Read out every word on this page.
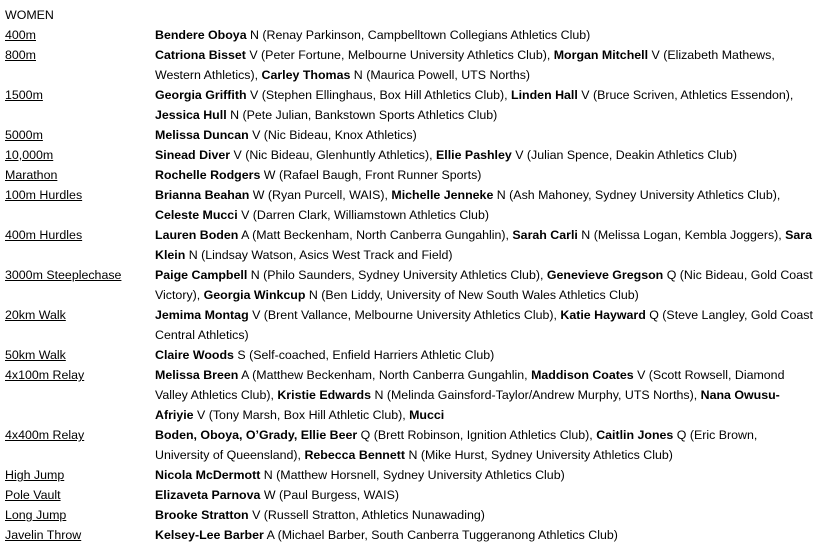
WOMEN
400m	Bendere Oboya N (Renay Parkinson, Campbelltown Collegians Athletics Club)
800m	Catriona Bisset V (Peter Fortune, Melbourne University Athletics Club), Morgan Mitchell V (Elizabeth Mathews, Western Athletics), Carley Thomas N (Maurica Powell, UTS Norths)
1500m	Georgia Griffith V (Stephen Ellinghaus, Box Hill Athletics Club), Linden Hall V (Bruce Scriven, Athletics Essendon), Jessica Hull N (Pete Julian, Bankstown Sports Athletics Club)
5000m	Melissa Duncan V (Nic Bideau, Knox Athletics)
10,000m	Sinead Diver V (Nic Bideau, Glenhuntly Athletics), Ellie Pashley V (Julian Spence, Deakin Athletics Club)
Marathon	Rochelle Rodgers W (Rafael Baugh, Front Runner Sports)
100m Hurdles	Brianna Beahan W (Ryan Purcell, WAIS), Michelle Jenneke N (Ash Mahoney, Sydney University Athletics Club), Celeste Mucci V (Darren Clark, Williamstown Athletics Club)
400m Hurdles	Lauren Boden A (Matt Beckenham, North Canberra Gungahlin), Sarah Carli N (Melissa Logan, Kembla Joggers), Sara Klein N (Lindsay Watson, Asics West Track and Field)
3000m Steeplechase	Paige Campbell N (Philo Saunders, Sydney University Athletics Club), Genevieve Gregson Q (Nic Bideau, Gold Coast Victory), Georgia Winkcup N (Ben Liddy, University of New South Wales Athletics Club)
20km Walk	Jemima Montag V (Brent Vallance, Melbourne University Athletics Club), Katie Hayward Q (Steve Langley, Gold Coast Central Athletics)
50km Walk	Claire Woods S (Self-coached, Enfield Harriers Athletic Club)
4x100m Relay	Melissa Breen A (Matthew Beckenham, North Canberra Gungahlin, Maddison Coates V (Scott Rowsell, Diamond Valley Athletics Club), Kristie Edwards N (Melinda Gainsford-Taylor/Andrew Murphy, UTS Norths), Nana Owusu-Afriyie V (Tony Marsh, Box Hill Athletic Club), Mucci
4x400m Relay	Boden, Oboya, O’Grady, Ellie Beer Q (Brett Robinson, Ignition Athletics Club), Caitlin Jones Q (Eric Brown, University of Queensland), Rebecca Bennett N (Mike Hurst, Sydney University Athletics Club)
High Jump	Nicola McDermott N (Matthew Horsnell, Sydney University Athletics Club)
Pole Vault	Elizaveta Parnova W (Paul Burgess, WAIS)
Long Jump	Brooke Stratton V (Russell Stratton, Athletics Nunawading)
Javelin Throw	Kelsey-Lee Barber A (Michael Barber, South Canberra Tuggeranong Athletics Club)
